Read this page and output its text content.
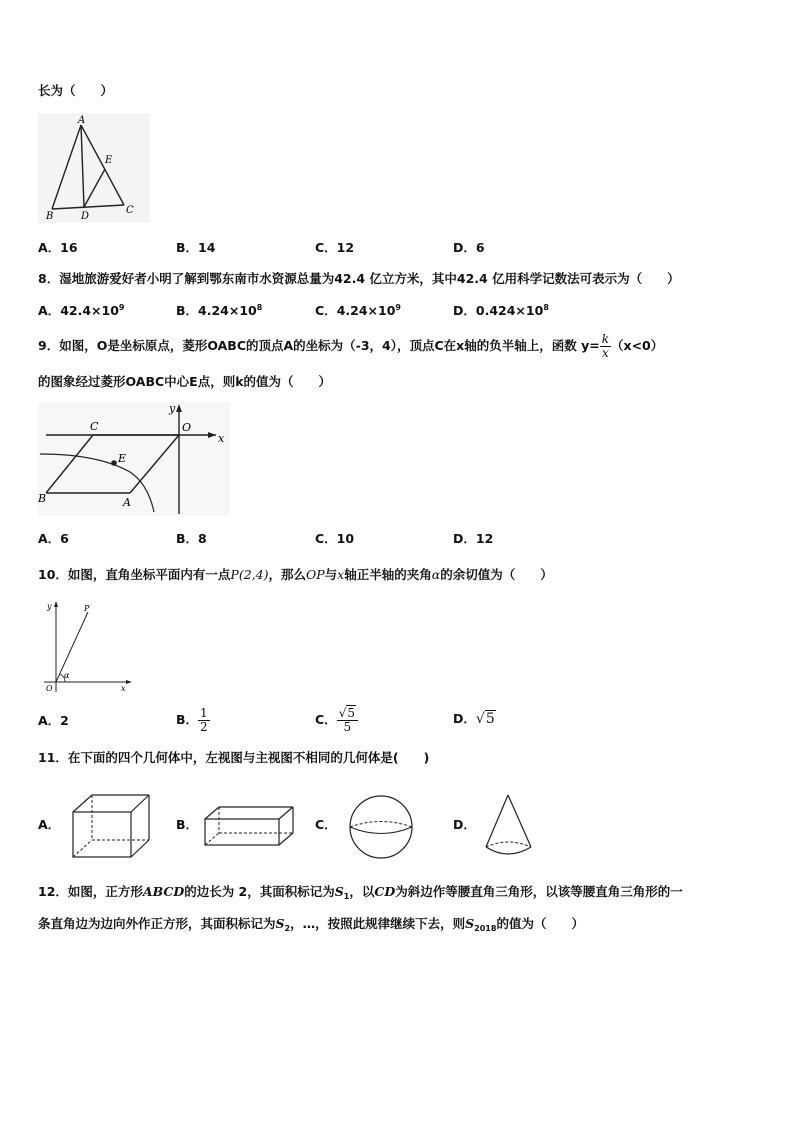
长为（　　）
A
E
B	D
C
A．16	B．14	C．12	D．6
8．湿地旅游爱好者小明了解到鄂东南市水资源总量为42.4 亿立方米，其中42.4 亿用科学记数法可表示为（　　）
A．$42.4\times 10^9$	B．$4.24\times 10^8$	C．$4.24\times 10^9$	D．$0.424\times 10^8$
9．如图，O是坐标原点，菱形OABC的顶点A的坐标为（-3，4），顶点C在x轴的负半轴上，函数 $y= \frac{k}{x} (x<0)$
的图象经过菱形OABC中心E点，则k的值为（　　）
y
x
O
C
E
B	A
A．6	B．8	C．10	D．12
10．如图，直角坐标平面内有一点P(2,4)，那么OP与x轴正半轴的夹角α的余切值为（　　）
y	P
O
α
x
A．2	B． $\frac{1}{2}$	C． $\frac{√5}{5}$	D．√5
11．在下面的四个几何体中，左视图与主视图不相同的几何体是(　　)
A．	B．	C．	D．
12．如图，正方形ABCD的边长为 2，其面积标记为$S_1$，以CD为斜边作等腰直角三角形，以该等腰直角三角形的一
条直角边为边向外作正方形，其面积标记为$S_2$，…，按照此规律继续下去，则$S_{2018}$的值为（　　）
